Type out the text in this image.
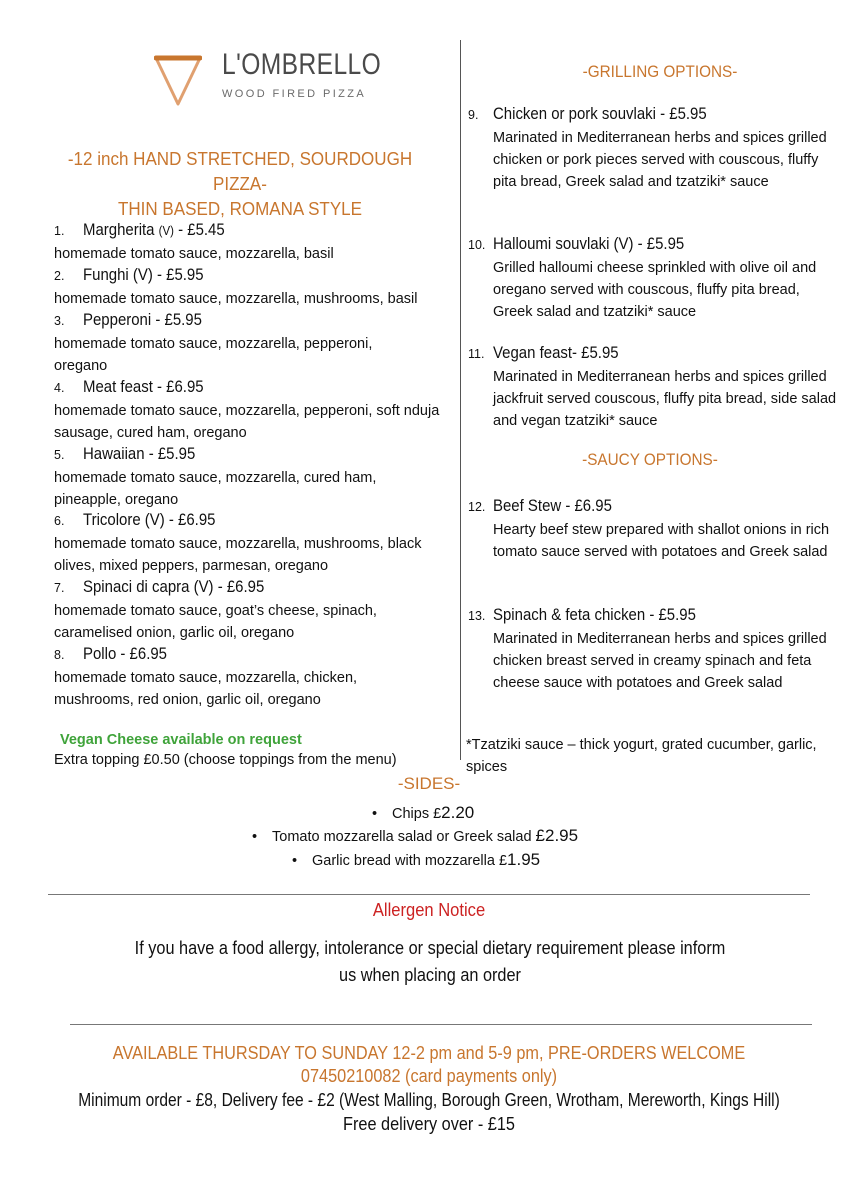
L'OMBRELLO
WOOD FIRED PIZZA
-12 inch HAND STRETCHED, SOURDOUGH PIZZA-
THIN BASED, ROMANA STYLE
1.	Margherita (V) - £5.45
homemade tomato sauce, mozzarella, basil
2.	Funghi (V) - £5.95
homemade tomato sauce, mozzarella, mushrooms, basil
3.	Pepperoni - £5.95
homemade tomato sauce, mozzarella, pepperoni, oregano
4.	Meat feast - £6.95
homemade tomato sauce, mozzarella, pepperoni, soft nduja sausage, cured ham, oregano
5.	Hawaiian - £5.95
homemade tomato sauce, mozzarella, cured ham, pineapple, oregano
6.	Tricolore (V) - £6.95
homemade tomato sauce, mozzarella, mushrooms, black olives, mixed peppers, parmesan, oregano
7.	Spinaci di capra (V) - £6.95
homemade tomato sauce, goat’s cheese, spinach, caramelised onion, garlic oil, oregano
8.	Pollo - £6.95
homemade tomato sauce, mozzarella, chicken, mushrooms, red onion, garlic oil, oregano
Vegan Cheese available on request
Extra topping £0.50 (choose toppings from the menu)
-GRILLING OPTIONS-
9. Chicken or pork souvlaki - £5.95
Marinated in Mediterranean herbs and spices grilled chicken or pork pieces served with couscous, fluffy pita bread, Greek salad and tzatziki* sauce
10. Halloumi souvlaki (V) - £5.95
Grilled halloumi cheese sprinkled with olive oil and oregano served with couscous, fluffy pita bread, Greek salad and tzatziki* sauce
11. Vegan feast- £5.95
Marinated in Mediterranean herbs and spices grilled jackfruit served couscous, fluffy pita bread, side salad and vegan tzatziki* sauce
-SAUCY OPTIONS-
12. Beef Stew - £6.95
Hearty beef stew prepared with shallot onions in rich tomato sauce served with potatoes and Greek salad
13. Spinach & feta chicken - £5.95
Marinated in Mediterranean herbs and spices grilled chicken breast served in creamy spinach and feta cheese sauce with potatoes and Greek salad
*Tzatziki sauce – thick yogurt, grated cucumber, garlic, spices
-SIDES-
• Chips £2.20
• Tomato mozzarella salad or Greek salad £2.95
• Garlic bread with mozzarella £1.95
Allergen Notice
If you have a food allergy, intolerance or special dietary requirement please inform us when placing an order
AVAILABLE THURSDAY TO SUNDAY 12-2 pm and 5-9 pm, PRE-ORDERS WELCOME
07450210082 (card payments only)
Minimum order - £8, Delivery fee - £2 (West Malling, Borough Green, Wrotham, Mereworth, Kings Hill)
Free delivery over - £15
